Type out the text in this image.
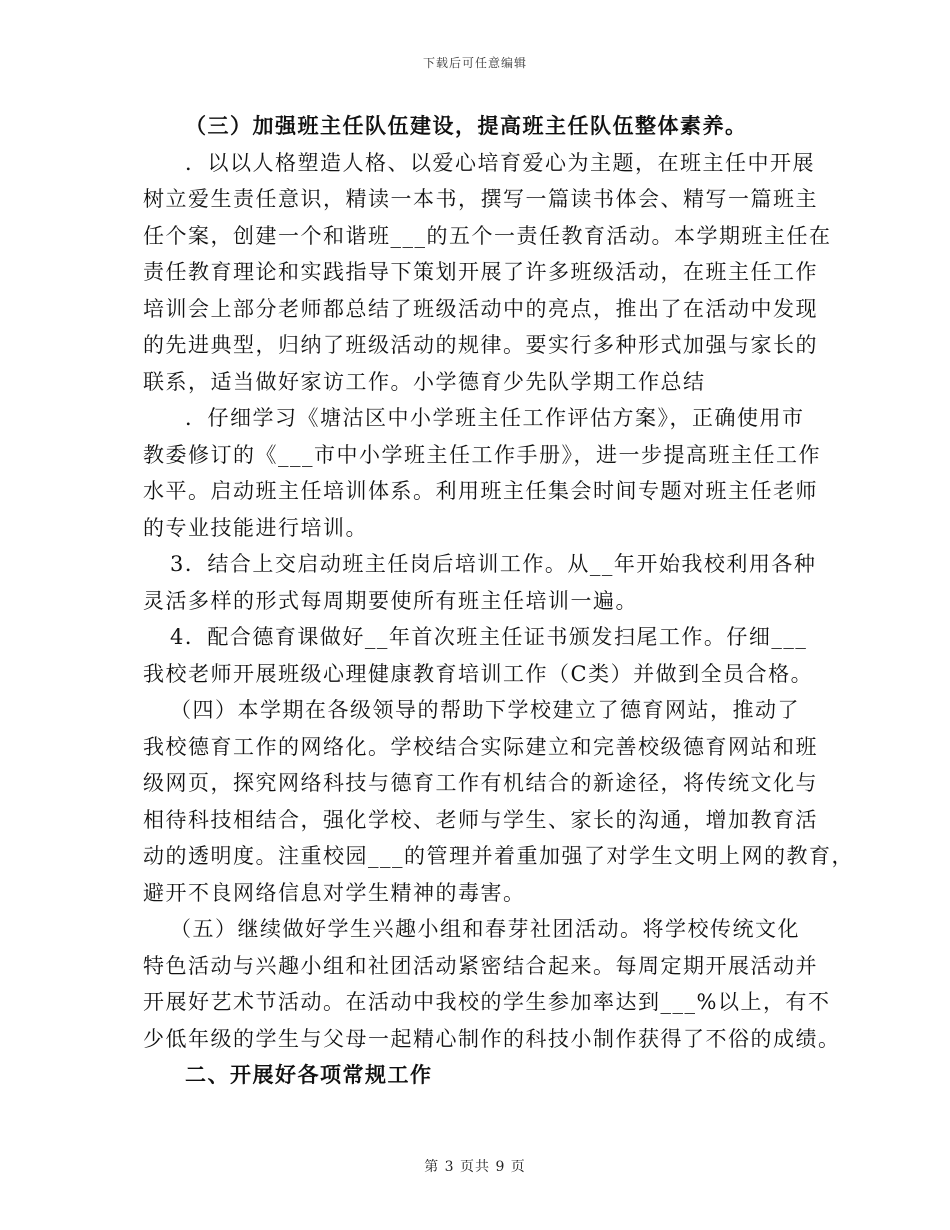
下载后可任意编辑
（三）加强班主任队伍建设，提高班主任队伍整体素养。
．以以人格塑造人格、以爱心培育爱心为主题，在班主任中开展
树立爱生责任意识，精读一本书，撰写一篇读书体会、精写一篇班主
任个案，创建一个和谐班___的五个一责任教育活动。本学期班主任在
责任教育理论和实践指导下策划开展了许多班级活动，在班主任工作
培训会上部分老师都总结了班级活动中的亮点，推出了在活动中发现
的先进典型，归纳了班级活动的规律。要实行多种形式加强与家长的
联系，适当做好家访工作。小学德育少先队学期工作总结
．仔细学习《塘沽区中小学班主任工作评估方案》，正确使用市
教委修订的《___市中小学班主任工作手册》，进一步提高班主任工作
水平。启动班主任培训体系。利用班主任集会时间专题对班主任老师
的专业技能进行培训。
3．结合上交启动班主任岗后培训工作。从__年开始我校利用各种
灵活多样的形式每周期要使所有班主任培训一遍。
4．配合德育课做好__年首次班主任证书颁发扫尾工作。仔细___
我校老师开展班级心理健康教育培训工作（C类）并做到全员合格。
（四）本学期在各级领导的帮助下学校建立了德育网站，推动了
我校德育工作的网络化。学校结合实际建立和完善校级德育网站和班
级网页，探究网络科技与德育工作有机结合的新途径，将传统文化与
相待科技相结合，强化学校、老师与学生、家长的沟通，增加教育活
动的透明度。注重校园___的管理并着重加强了对学生文明上网的教育，
避开不良网络信息对学生精神的毒害。
（五）继续做好学生兴趣小组和春芽社团活动。将学校传统文化
特色活动与兴趣小组和社团活动紧密结合起来。每周定期开展活动并
开展好艺术节活动。在活动中我校的学生参加率达到___%以上，有不
少低年级的学生与父母一起精心制作的科技小制作获得了不俗的成绩。
二、开展好各项常规工作
第 3 页共 9 页
